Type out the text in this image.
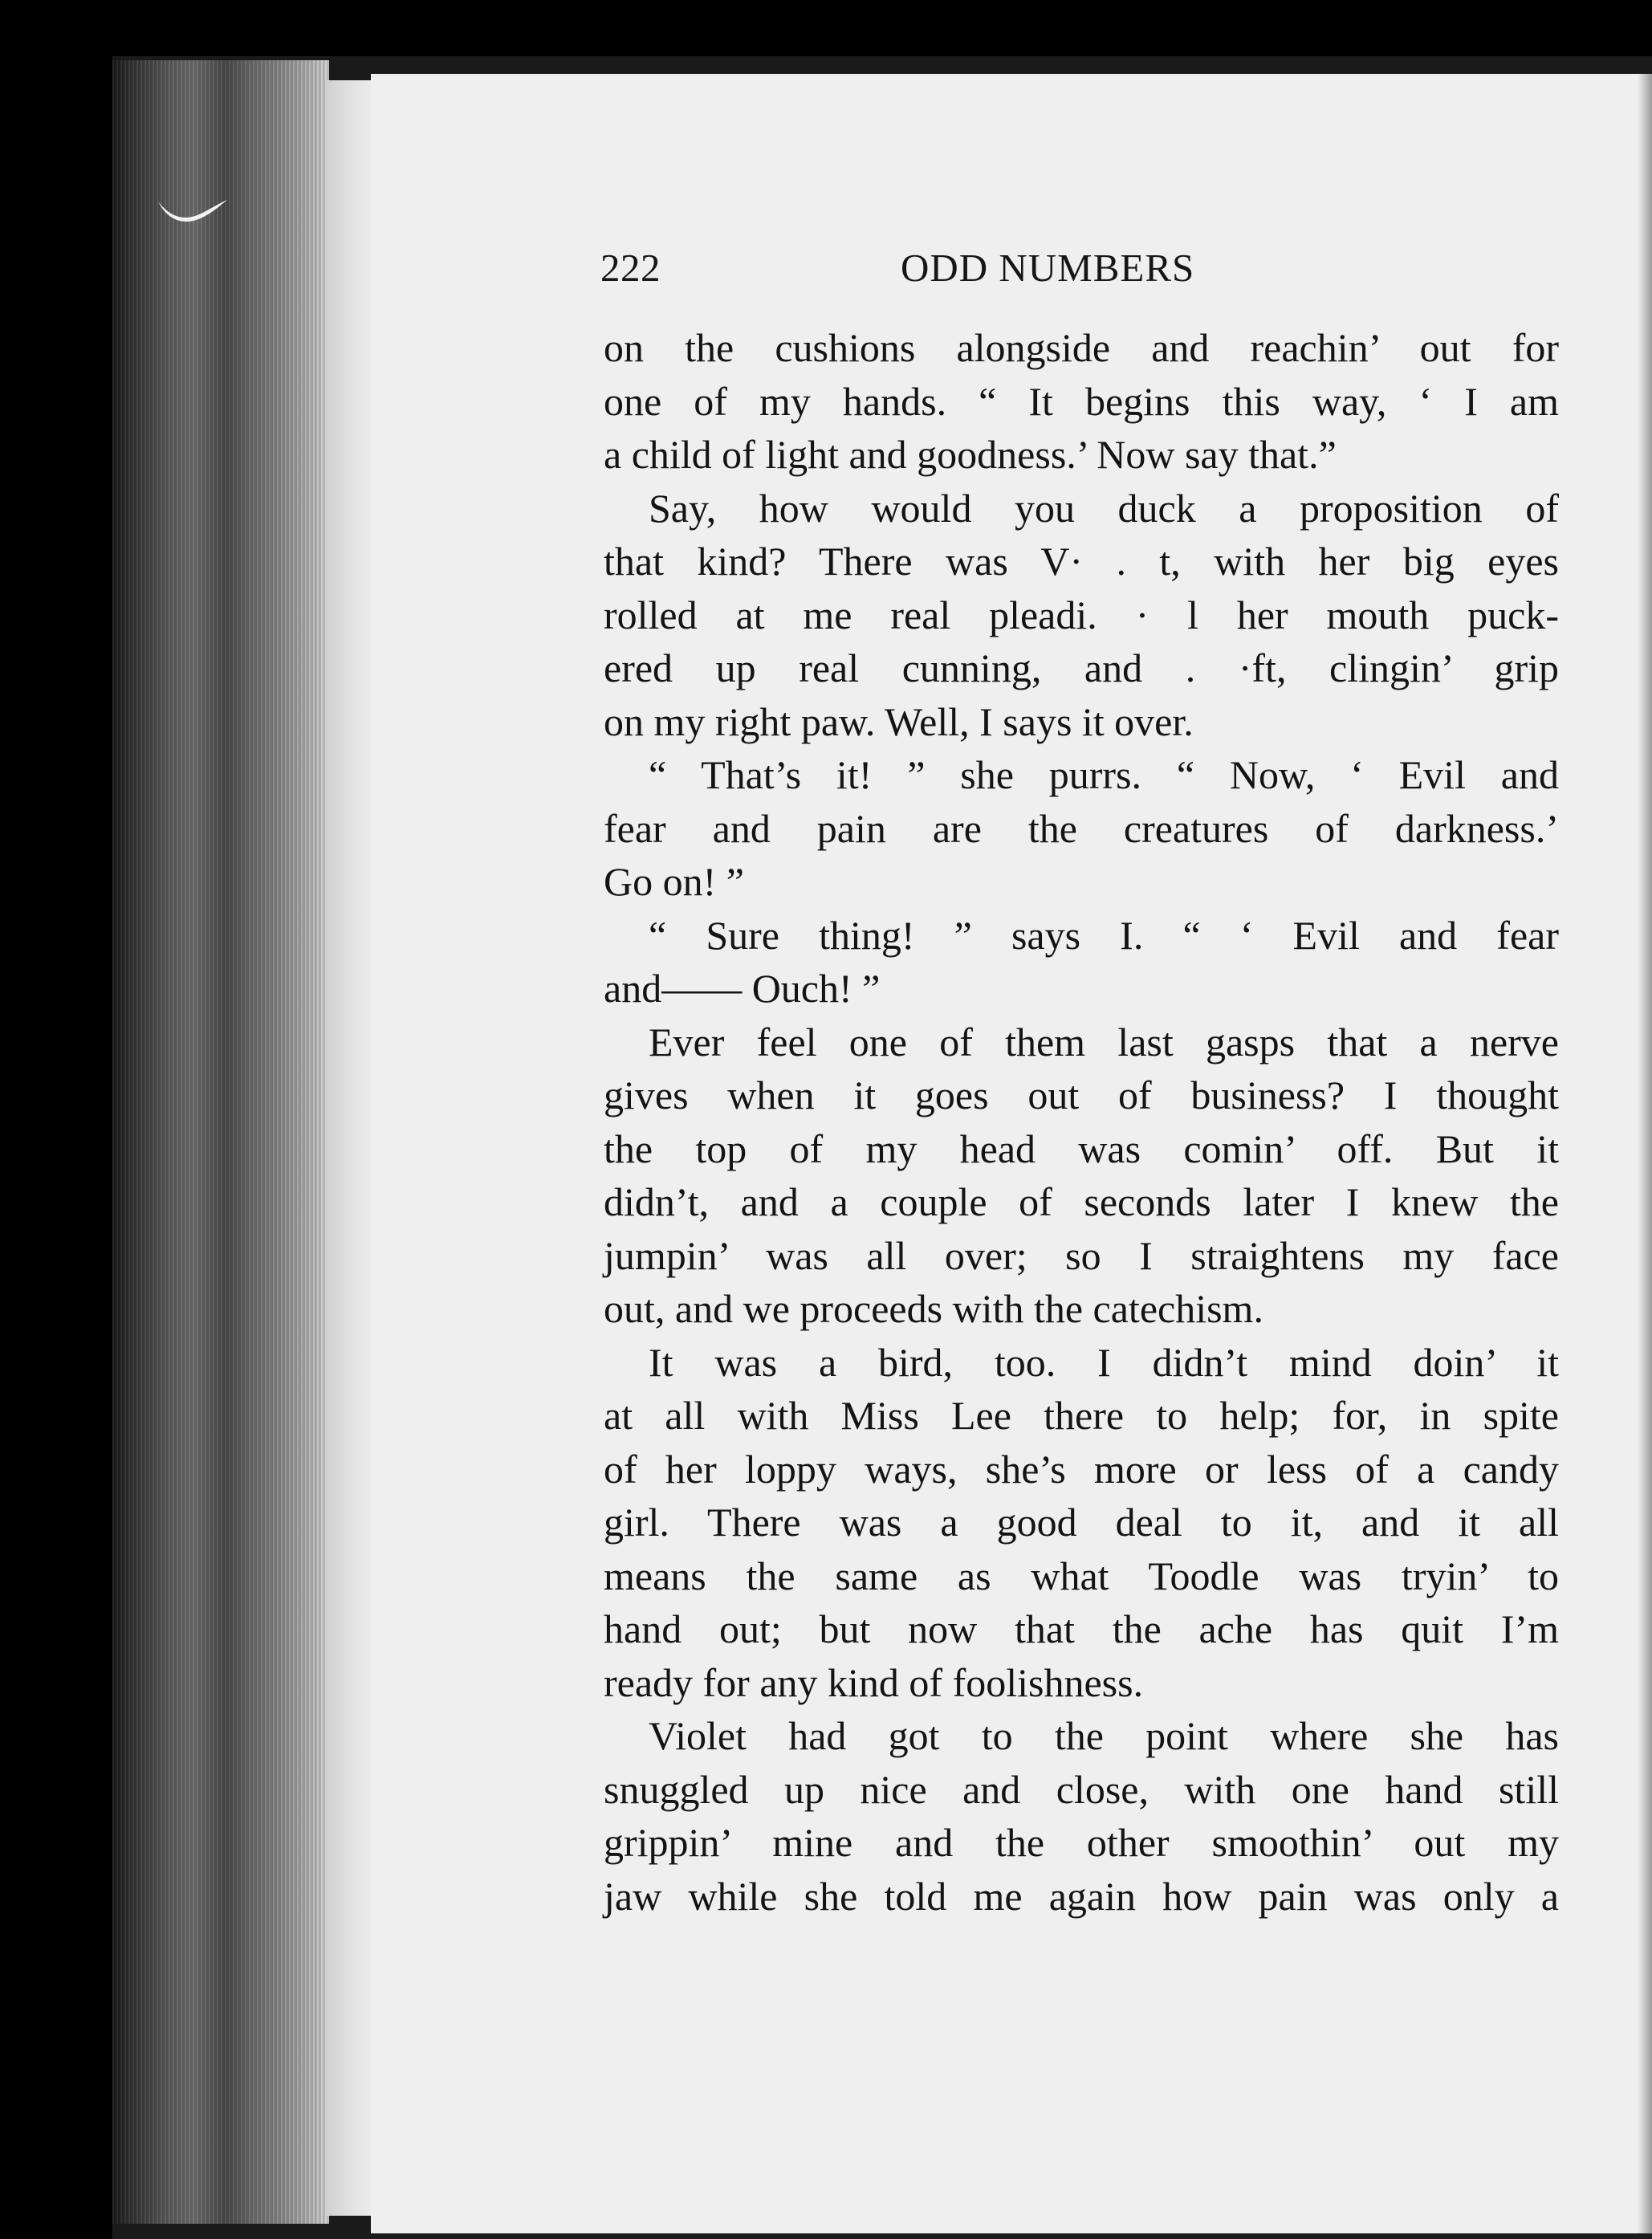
222	ODD NUMBERS
on the cushions alongside and reachin’ out for
one of my hands. “ It begins this way, ‘ I am
a child of light and goodness.’ Now say that.”
Say, how would you duck a proposition of
that kind? There was V· . t, with her big eyes
rolled at me real pleadi. · l her mouth puck-
ered up real cunning, and . ·ft, clingin’ grip
on my right paw. Well, I says it over.
“ That’s it! ” she purrs. “ Now, ‘ Evil and
fear and pain are the creatures of darkness.’
Go on! ”
“ Sure thing! ” says I. “ ‘ Evil and fear
and—— Ouch! ”
Ever feel one of them last gasps that a nerve
gives when it goes out of business? I thought
the top of my head was comin’ off. But it
didn’t, and a couple of seconds later I knew the
jumpin’ was all over; so I straightens my face
out, and we proceeds with the catechism.
It was a bird, too. I didn’t mind doin’ it
at all with Miss Lee there to help; for, in spite
of her loppy ways, she’s more or less of a candy
girl. There was a good deal to it, and it all
means the same as what Toodle was tryin’ to
hand out; but now that the ache has quit I’m
ready for any kind of foolishness.
Violet had got to the point where she has
snuggled up nice and close, with one hand still
grippin’ mine and the other smoothin’ out my
jaw while she told me again how pain was only a
